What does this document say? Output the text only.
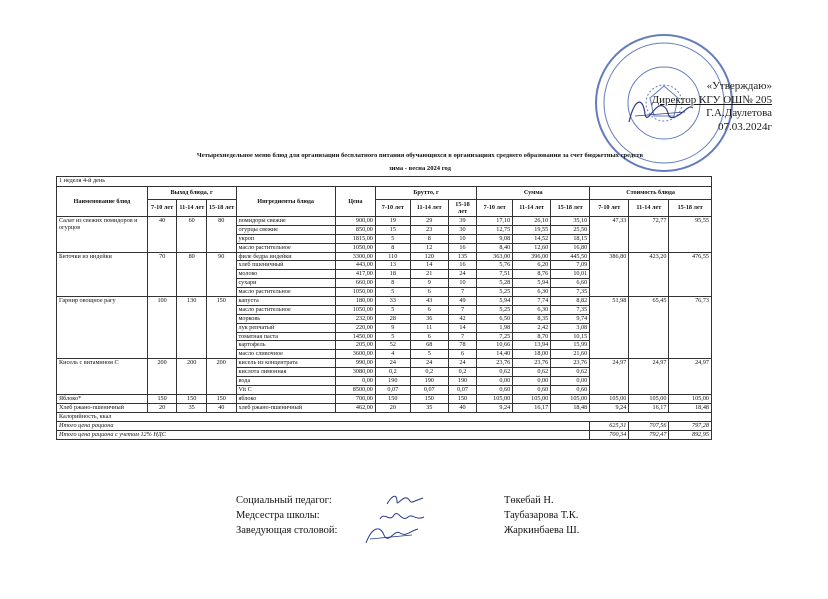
«Утверждаю»
Директор КГУ ОШ№ 205
Г.А.Даулетова
07.03.2024г
Четырехнедельное меню блюд для организации бесплатного питания обучающихся в организациях среднего образования за счет бюджетных средств
зима - весна 2024 год
1 неделя 4-й день														
Наименование блюд	Выход блюда, г			Ингредиенты блюда	Цена	Брутто, г			Сумма			Стоимость блюда		
	7-10 лет	11-14 лет	15-18 лет			7-10 лет	11-14 лет	15-18 лет	7-10 лет	11-14 лет	15-18 лет	7-10 лет	11-14 лет	15-18 лет
Салат из свежих помидоров и огурцов	40	60	80	помидоры свежие	900,00	19	29	39	17,10	26,10	35,10	47,33	72,77	95,55
				огурцы свежие	850,00	15	23	30	12,75	19,55	25,50			
				укроп	1815,00	5	8	10	9,08	14,52	18,15			
				масло растительное	1050,00	8	12	16	8,40	12,60	16,80			
Биточки из индейки	70	80	90	филе бедра индейки	3300,00	110	120	135	363,00	396,00	445,50	386,80	423,20	476,55
				хлеб пшеничный	443,00	13	14	16	5,76	6,20	7,09			
				молоко	417,00	18	21	24	7,51	8,76	10,01			
				сухари	660,00	8	9	10	5,28	5,94	6,60			
				масло растительное	1050,00	5	6	7	5,25	6,30	7,35			
Гарнир овощное рагу	100	130	150	капуста	180,00	33	43	49	5,94	7,74	8,82	51,98	65,45	76,73
				масло растительное	1050,00	5	6	7	5,25	6,30	7,35			
				морковь	232,00	28	36	42	6,50	8,35	9,74			
				лук репчатый	220,00	9	11	14	1,98	2,42	3,08			
				томатная паста	1450,00	5	6	7	7,25	8,70	10,15			
				картофель	205,00	52	68	78	10,66	13,94	15,99			
				масло сливочное	3600,00	4	5	6	14,40	18,00	21,60			
Кисель с витамином С	200	200	200	кисель из концентрата	990,00	24	24	24	23,76	23,76	23,76	24,97	24,97	24,97
				кислота лимонная	3080,00	0,2	0,2	0,2	0,62	0,62	0,62			
				вода	0,00	190	190	190	0,00	0,00	0,00			
				Vit C	8500,00	0,07	0,07	0,07	0,60	0,60	0,60			
Яблоко*	150	150	150	яблоко	700,00	150	150	150	105,00	105,00	105,00	105,00	105,00	105,00
Хлеб ржано-пшеничный	20	35	40	хлеб ржано-пшеничный	462,00	20	35	40	9,24	16,17	18,48	9,24	16,17	18,48
Калорийность, ккал														
Итого цена рациона												625,31	707,56	797,28
Итого цена рациона с учетом 12% НДС												700,34	792,47	892,95
Социальный педагог:	Төкебай Н.
Медсестра школы:	Таубазарова Т.К.
Заведующая столовой:	Жаркинбаева Ш.
